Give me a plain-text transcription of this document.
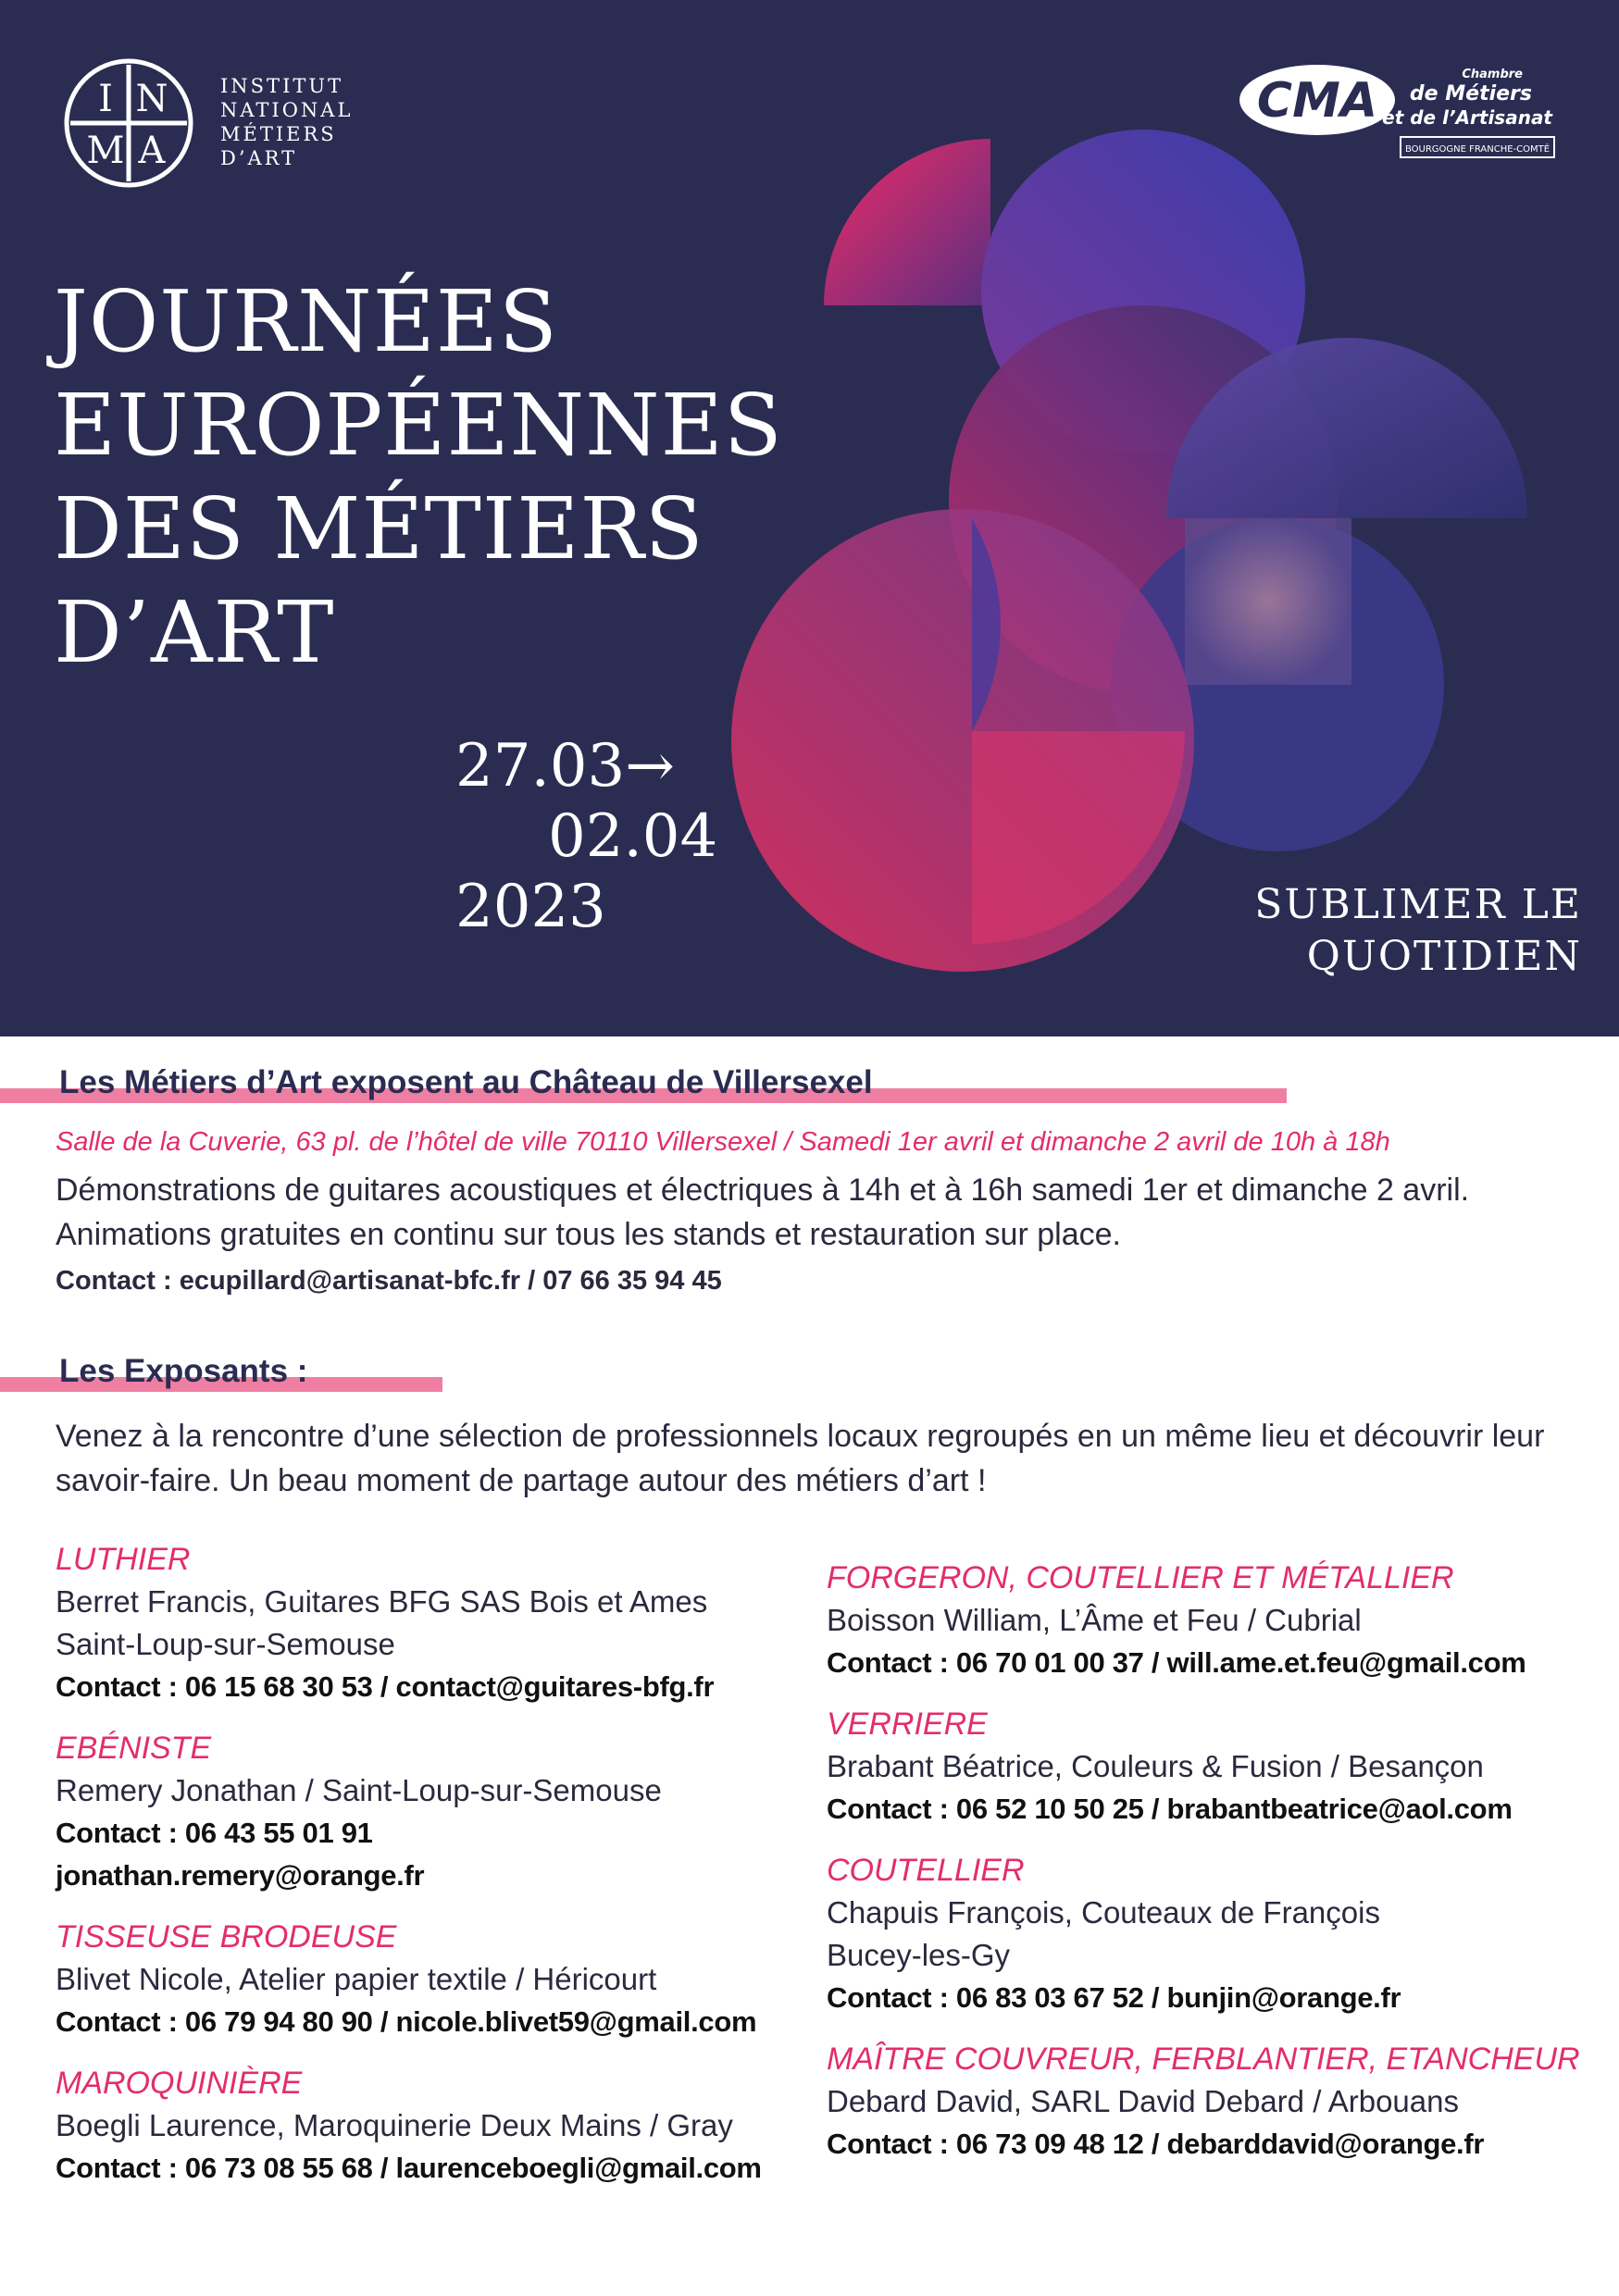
I N
M A
INSTITUT
NATIONAL
MÉTIERS
D’ART
CMA	Chambre
de Métiers
et de l’Artisanat
BOURGOGNE FRANCHE-COMTÉ
JOURNÉES
EUROPÉENNES
DES MÉTIERS
D’ART
27.03→
02.04
2023	SUBLIMER LE
QUOTIDIEN
Les Métiers d’Art exposent au Château de Villersexel
Salle de la Cuverie, 63 pl. de l’hôtel de ville 70110 Villersexel / Samedi 1er avril et dimanche 2 avril de 10h à 18h
Démonstrations de guitares acoustiques et électriques à 14h et à 16h samedi 1er et dimanche 2 avril. Animations gratuites en continu sur tous les stands et restauration sur place.
Contact : ecupillard@artisanat-bfc.fr / 07 66 35 94 45
Les Exposants :
Venez à la rencontre d’une sélection de professionnels locaux regroupés en un même lieu et découvrir leur savoir-faire. Un beau moment de partage autour des métiers d’art !
LUTHIER
Berret Francis, Guitares BFG SAS Bois et Ames
Saint-Loup-sur-Semouse
Contact : 06 15 68 30 53 / contact@guitares-bfg.fr
EBÉNISTE
Remery Jonathan / Saint-Loup-sur-Semouse
Contact : 06 43 55 01 91
jonathan.remery@orange.fr
TISSEUSE BRODEUSE
Blivet Nicole, Atelier papier textile / Héricourt
Contact : 06 79 94 80 90 / nicole.blivet59@gmail.com
MAROQUINIÈRE
Boegli Laurence, Maroquinerie Deux Mains / Gray
Contact : 06 73 08 55 68 / laurenceboegli@gmail.com
FORGERON, COUTELLIER ET MÉTALLIER
Boisson William, L’Âme et Feu / Cubrial
Contact : 06 70 01 00 37 / will.ame.et.feu@gmail.com
VERRIERE
Brabant Béatrice, Couleurs & Fusion / Besançon
Contact : 06 52 10 50 25 / brabantbeatrice@aol.com
COUTELLIER
Chapuis François, Couteaux de François
Bucey-les-Gy
Contact : 06 83 03 67 52 / bunjin@orange.fr
MAÎTRE COUVREUR, FERBLANTIER, ETANCHEUR
Debard David, SARL David Debard / Arbouans
Contact : 06 73 09 48 12 / debarddavid@orange.fr
